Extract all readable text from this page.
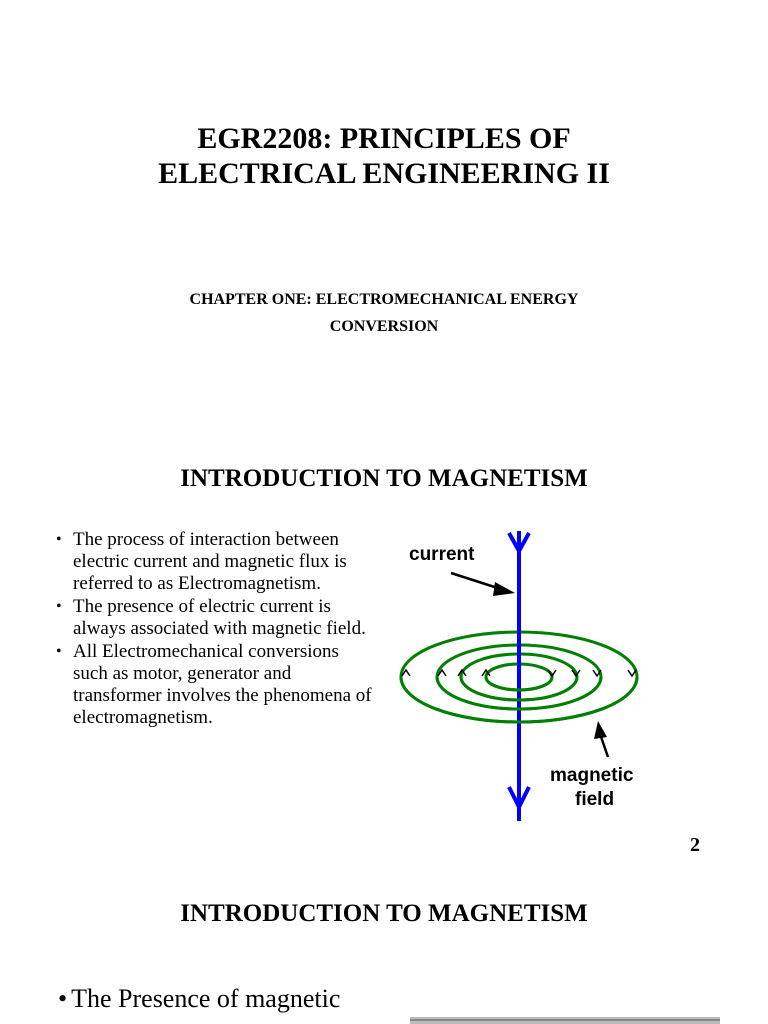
EGR2208: PRINCIPLES OF
ELECTRICAL ENGINEERING II
CHAPTER ONE: ELECTROMECHANICAL ENERGY
CONVERSION
INTRODUCTION TO MAGNETISM
• The process of interaction between electric current and magnetic flux is referred to as Electromagnetism.
• The presence of electric current is always associated with magnetic field.
• All Electromechanical conversions such as motor, generator and transformer involves the phenomena of electromagnetism.
current
magnetic
field
2
INTRODUCTION TO MAGNETISM
• The Presence of magnetic
